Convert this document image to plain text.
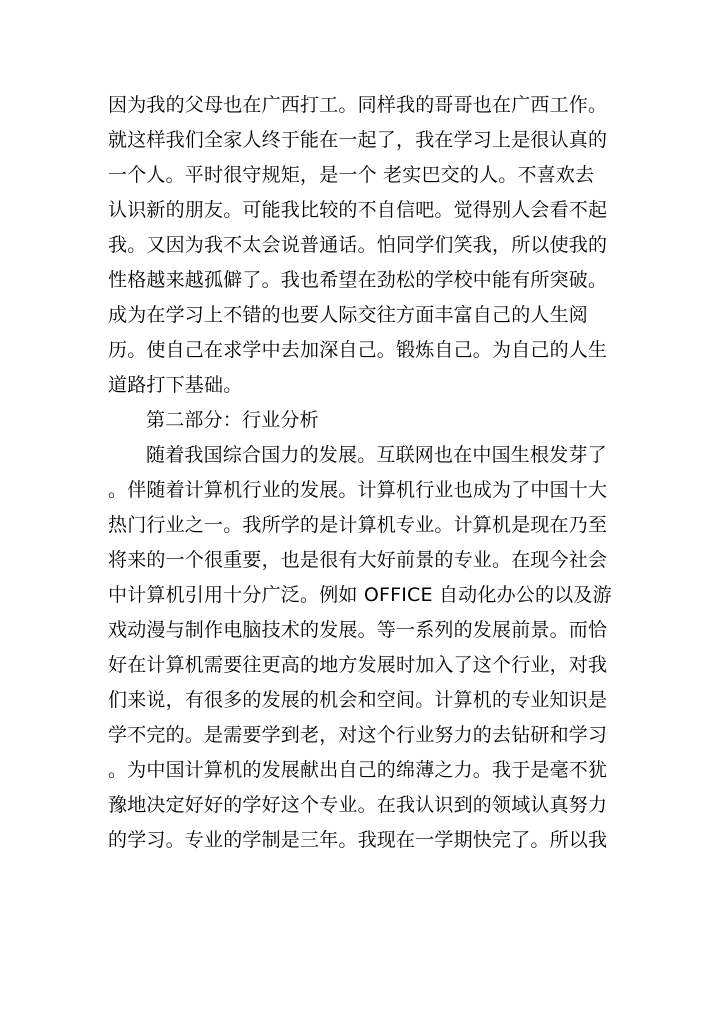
因为我的父母也在广西打工。同样我的哥哥也在广西工作。
就这样我们全家人终于能在一起了，我在学习上是很认真的
一个人。平时很守规矩，是一个 老实巴交的人。不喜欢去
认识新的朋友。可能我比较的不自信吧。觉得别人会看不起
我。又因为我不太会说普通话。怕同学们笑我，所以使我的
性格越来越孤僻了。我也希望在劲松的学校中能有所突破。
成为在学习上不错的也要人际交往方面丰富自己的人生阅
历。使自己在求学中去加深自己。锻炼自己。为自己的人生
道路打下基础。
第二部分：行业分析
随着我国综合国力的发展。互联网也在中国生根发芽了
。伴随着计算机行业的发展。计算机行业也成为了中国十大
热门行业之一。我所学的是计算机专业。计算机是现在乃至
将来的一个很重要，也是很有大好前景的专业。在现今社会
中计算机引用十分广泛。例如 OFFICE 自动化办公的以及游
戏动漫与制作电脑技术的发展。等一系列的发展前景。而恰
好在计算机需要往更高的地方发展时加入了这个行业，对我
们来说，有很多的发展的机会和空间。计算机的专业知识是
学不完的。是需要学到老，对这个行业努力的去钻研和学习
。为中国计算机的发展献出自己的绵薄之力。我于是毫不犹
豫地决定好好的学好这个专业。在我认识到的领域认真努力
的学习。专业的学制是三年。我现在一学期快完了。所以我
